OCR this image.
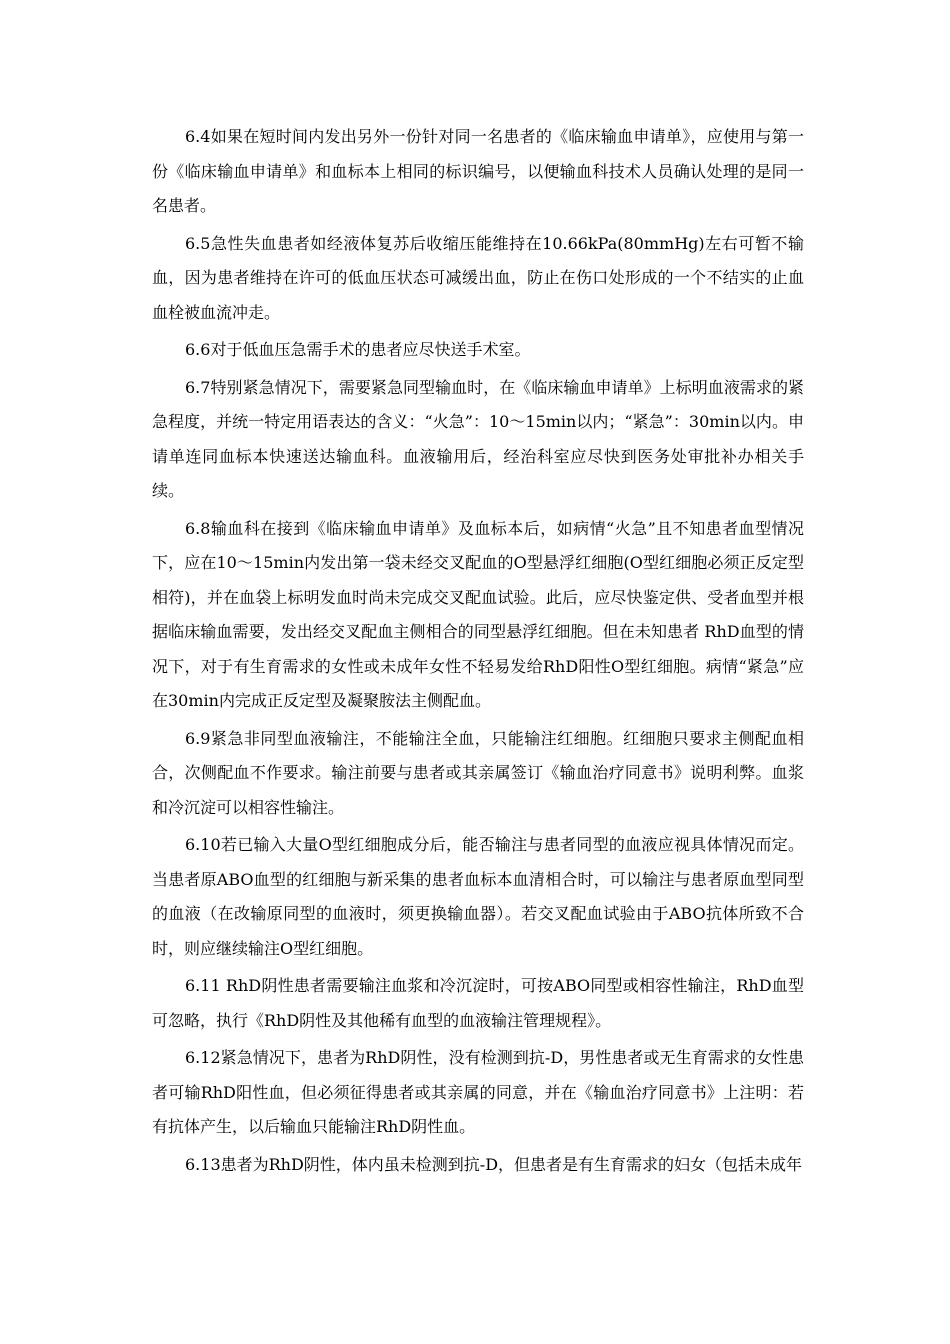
6.4如果在短时间内发出另外一份针对同一名患者的《临床输血申请单》，应使用与第一份《临床输血申请单》和血标本上相同的标识编号，以便输血科技术人员确认处理的是同一名患者。

6.5急性失血患者如经液体复苏后收缩压能维持在10.66kPa(80mmHg)左右可暂不输血，因为患者维持在许可的低血压状态可减缓出血，防止在伤口处形成的一个不结实的止血血栓被血流冲走。

6.6对于低血压急需手术的患者应尽快送手术室。

6.7特别紧急情况下，需要紧急同型输血时，在《临床输血申请单》上标明血液需求的紧急程度，并统一特定用语表达的含义：“火急”：10～15min以内；“紧急”：30min以内。申请单连同血标本快速送达输血科。血液输用后，经治科室应尽快到医务处审批补办相关手续。

6.8输血科在接到《临床输血申请单》及血标本后，如病情“火急”且不知患者血型情况下，应在10～15min内发出第一袋未经交叉配血的O型悬浮红细胞(O型红细胞必须正反定型相符)，并在血袋上标明发血时尚未完成交叉配血试验。此后，应尽快鉴定供、受者血型并根据临床输血需要，发出经交叉配血主侧相合的同型悬浮红细胞。但在未知患者 RhD血型的情况下，对于有生育需求的女性或未成年女性不轻易发给RhD阳性O型红细胞。病情“紧急”应在30min内完成正反定型及凝聚胺法主侧配血。

6.9紧急非同型血液输注，不能输注全血，只能输注红细胞。红细胞只要求主侧配血相合，次侧配血不作要求。输注前要与患者或其亲属签订《输血治疗同意书》说明利弊。血浆和冷沉淀可以相容性输注。

6.10若已输入大量O型红细胞成分后，能否输注与患者同型的血液应视具体情况而定。当患者原ABO血型的红细胞与新采集的患者血标本血清相合时，可以输注与患者原血型同型的血液（在改输原同型的血液时，须更换输血器）。若交叉配血试验由于ABO抗体所致不合时，则应继续输注O型红细胞。

6.11 RhD阴性患者需要输注血浆和冷沉淀时，可按ABO同型或相容性输注，RhD血型可忽略，执行《RhD阴性及其他稀有血型的血液输注管理规程》。

6.12紧急情况下，患者为RhD阴性，没有检测到抗-D，男性患者或无生育需求的女性患者可输RhD阳性血，但必须征得患者或其亲属的同意，并在《输血治疗同意书》上注明：若有抗体产生，以后输血只能输注RhD阴性血。

6.13患者为RhD阴性，体内虽未检测到抗-D，但患者是有生育需求的妇女（包括未成年
